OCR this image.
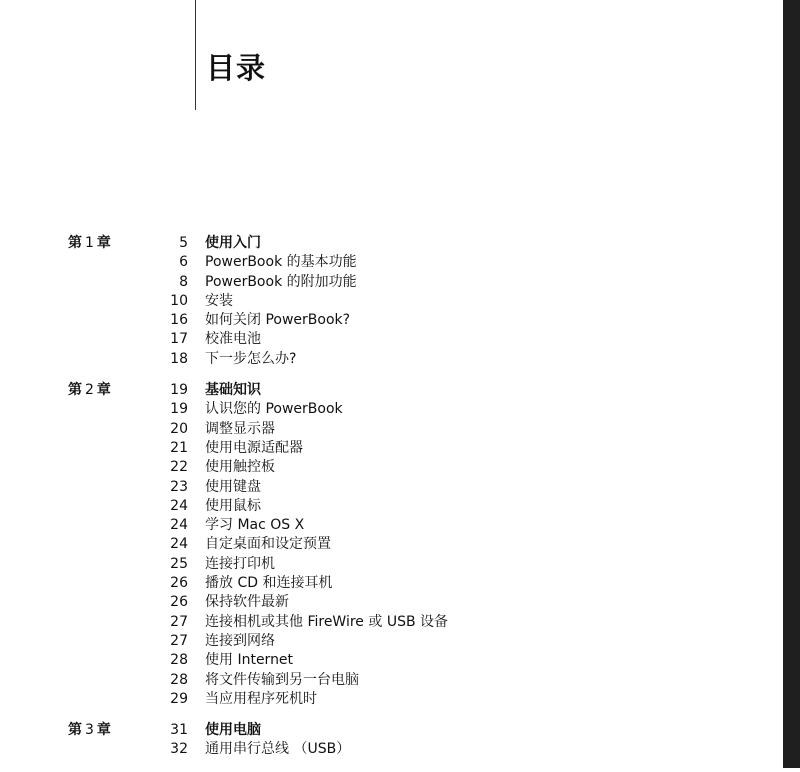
目录
第 1 章	5 使用入门
6 PowerBook 的基本功能
8 PowerBook 的附加功能
10 安装
16 如何关闭 PowerBook?
17 校准电池
18 下一步怎么办?
第 2 章	19 基础知识
19 认识您的 PowerBook
20 调整显示器
21 使用电源适配器
22 使用触控板
23 使用键盘
24 使用鼠标
24 学习 Mac OS X
24 自定桌面和设定预置
25 连接打印机
26 播放 CD 和连接耳机
26 保持软件最新
27 连接相机或其他 FireWire 或 USB 设备
27 连接到网络
28 使用 Internet
28 将文件传输到另一台电脑
29 当应用程序死机时
第 3 章	31 使用电脑
32 通用串行总线 （USB）
